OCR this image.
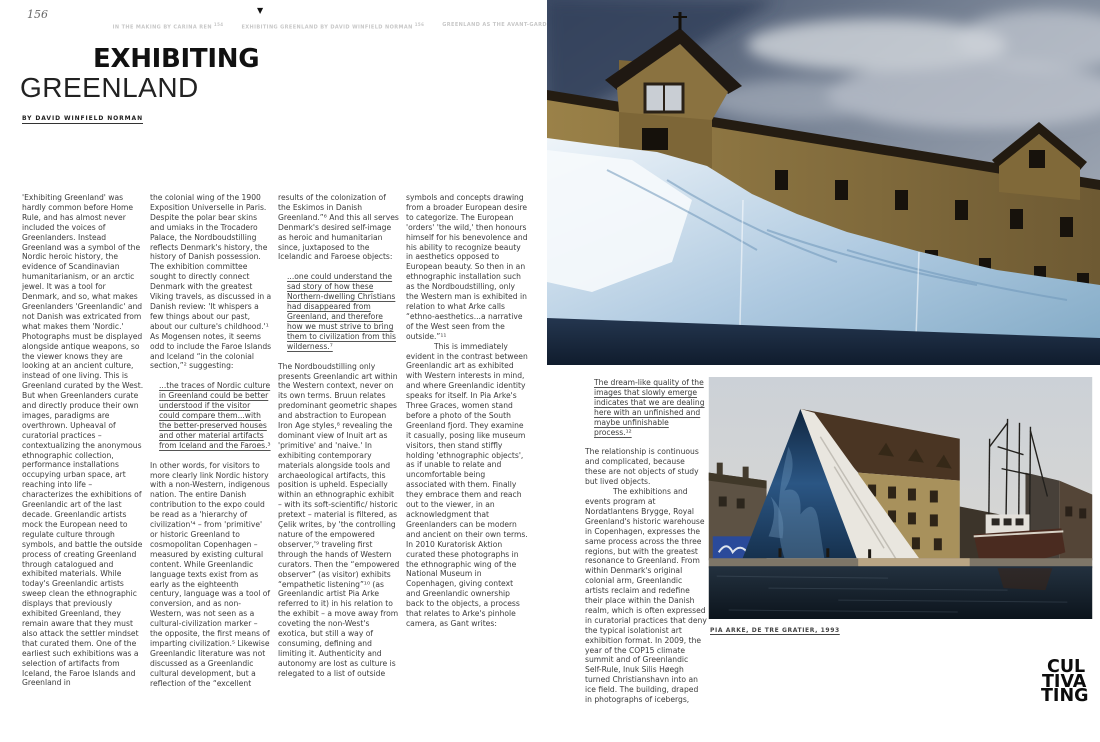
156	▼
IN THE MAKING BY CARINA REN$^{154}$
EXHIBITING GREENLAND BY DAVID WINFIELD NORMAN$^{156}$	GREENLAND AS THE AVANT-GARD
EXHIBITING
GREENLAND
BY DAVID WINFIELD NORMAN

'Exhibiting Greenland' was hardly common before Home Rule, and has almost never included the voices of Greenlanders. Instead Greenland was a symbol of the Nordic heroic history, the evidence of Scandinavian humanitarianism, or an arctic jewel. It was a tool for Denmark, and so, what makes Greenlanders 'Greenlandic' and not Danish was extricated from what makes them 'Nordic.' Photographs must be displayed alongside antique weapons, so the viewer knows they are looking at an ancient culture, instead of one living. This is Greenland curated by the West. But when Greenlanders curate and directly produce their own images, paradigms are overthrown. Upheaval of curatorial practices – contextualizing the anonymous ethnographic collection, performance installations occupying urban space, art reaching into life – characterizes the exhibitions of Greenlandic art of the last decade. Greenlandic artists mock the European need to regulate culture through symbols, and battle the outside process of creating Greenland through catalogued and exhibited materials. While today's Greenlandic artists sweep clean the ethnographic displays that previously exhibited Greenland, they remain aware that they must also attack the settler mindset that curated them. One of the earliest such exhibitions was a selection of artifacts from Iceland, the Faroe Islands and Greenland in

the colonial wing of the 1900 Exposition Universelle in Paris. Despite the polar bear skins and umiaks in the Trocadero Palace, the Nordboudstilling reflects Denmark's history, the history of Danish possession. The exhibition committee sought to directly connect Denmark with the greatest Viking travels, as discussed in a Danish review: 'It whispers a few things about our past, about our culture's childhood.'¹ As Mogensen notes, it seems odd to include the Faroe Islands and Iceland “in the colonial section,”² suggesting:

...the traces of Nordic culture in Greenland could be better understood if the visitor could compare them...with the better-preserved houses and other material artifacts from Iceland and the Faroes.³

In other words, for visitors to more clearly link Nordic history with a non-Western, indigenous nation. The entire Danish contribution to the expo could be read as a 'hierarchy of civilization'⁴ – from 'primitive' or historic Greenland to cosmopolitan Copenhagen – measured by existing cultural content. While Greenlandic language texts exist from as early as the eighteenth century, language was a tool of conversion, and as non-Western, was not seen as a cultural-civilization marker – the opposite, the first means of imparting civilization.⁵ Likewise Greenlandic literature was not discussed as a Greenlandic cultural development, but a reflection of the “excellent

results of the colonization of the Eskimos in Danish Greenland.”⁶ And this all serves Denmark's desired self-image as heroic and humanitarian since, juxtaposed to the Icelandic and Faroese objects:

...one could understand the sad story of how these Northern-dwelling Christians had disappeared from Greenland, and therefore how we must strive to bring them to civilization from this wilderness.⁷

The Nordboudstilling only presents Greenlandic art within the Western context, never on its own terms. Bruun relates predominant geometric shapes and abstraction to European Iron Age styles,⁸ revealing the dominant view of Inuit art as 'primitive' and 'naive.' In exhibiting contemporary materials alongside tools and archaeological artifacts, this position is upheld. Especially within an ethnographic exhibit – with its soft-scientific/ historic pretext – material is filtered, as Çelik writes, by 'the controlling nature of the empowered observer,'⁹ traveling first through the hands of Western curators. Then the “empowered observer” (as visitor) exhibits “empathetic listening”¹⁰ (as Greenlandic artist Pia Arke referred to it) in his relation to the exhibit – a move away from coveting the non-West's exotica, but still a way of consuming, defining and limiting it. Authenticity and autonomy are lost as culture is relegated to a list of outside

symbols and concepts drawing from a broader European desire to categorize. The European 'orders' 'the wild,' then honours himself for his benevolence and his ability to recognize beauty in aesthetics opposed to European beauty. So then in an ethnographic installation such as the Nordboudstilling, only the Western man is exhibited in relation to what Arke calls “ethno-aesthetics...a narrative of the West seen from the outside.”¹¹

This is immediately evident in the contrast between Greenlandic art as exhibited with Western interests in mind, and where Greenlandic identity speaks for itself. In Pia Arke's Three Graces, women stand before a photo of the South Greenland fjord. They examine it casually, posing like museum visitors, then stand stiffly holding 'ethnographic objects', as if unable to relate and uncomfortable being associated with them. Finally they embrace them and reach out to the viewer, in an acknowledgment that Greenlanders can be modern and ancient on their own terms. In 2010 Kuratorisk Aktion curated these photographs in the ethnographic wing of the National Museum in Copenhagen, giving context and Greenlandic ownership back to the objects, a process that relates to Arke's pinhole camera, as Gant writes:

The dream-like quality of the images that slowly emerge indicates that we are dealing here with an unfinished and maybe unfinishable process.¹²

The relationship is continuous and complicated, because these are not objects of study but lived objects.

The exhibitions and events program at Nordatlantens Brygge, Royal Greenland's historic warehouse in Copenhagen, expresses the same process across the three regions, but with the greatest resonance to Greenland. From within Denmark's original colonial arm, Greenlandic artists reclaim and redefine their place within the Danish realm, which is often expressed in curatorial practices that deny the typical isolationist art exhibition format. In 2009, the year of the COP15 climate summit and of Greenlandic Self-Rule, Inuk Silis Høegh turned Christianshavn into an ice field. The building, draped in photographs of icebergs,

PIA ARKE, DE TRE GRATIER, 1993
CUL
TIVA
TING
